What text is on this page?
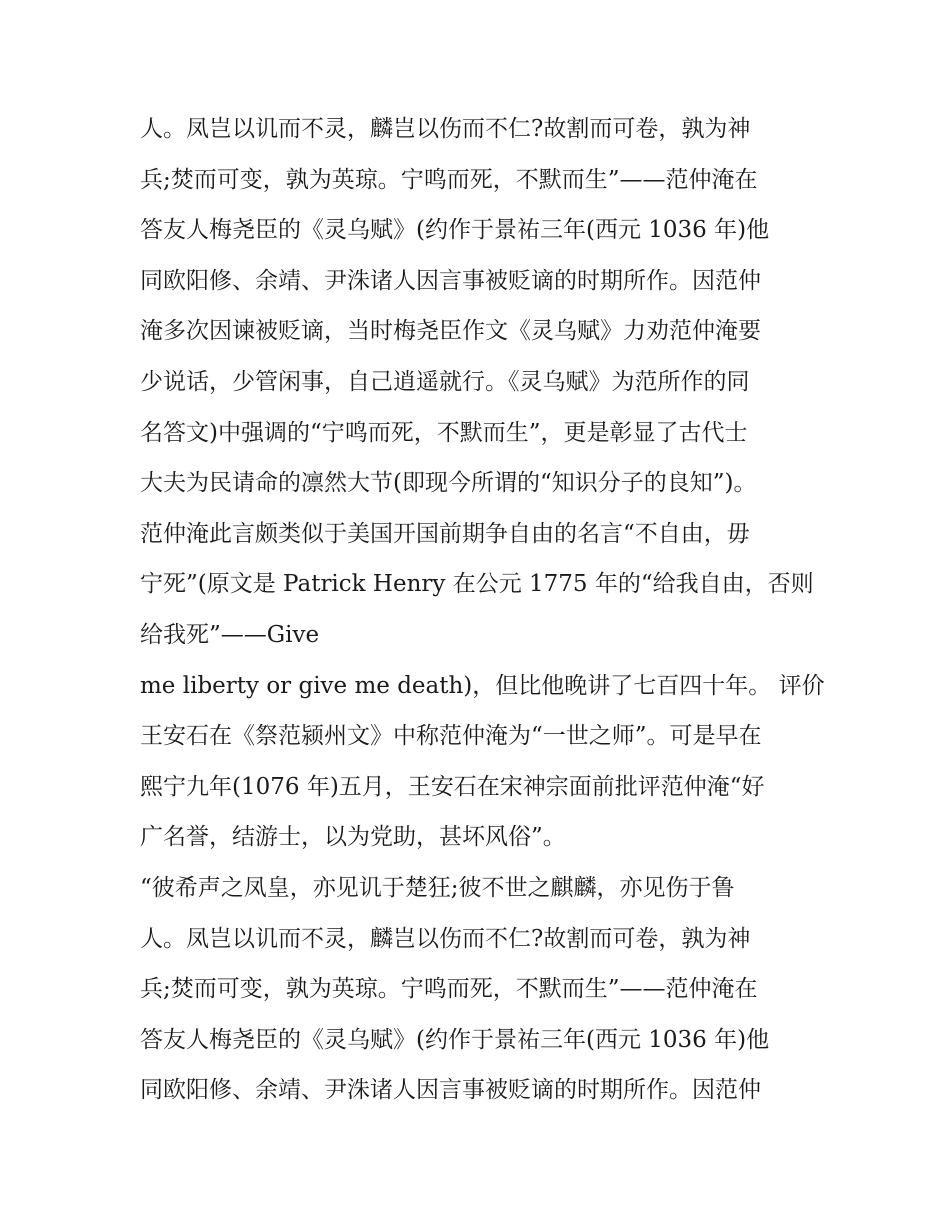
人。凤岂以讥而不灵，麟岂以伤而不仁?故割而可卷，孰为神
兵;焚而可变，孰为英琼。宁鸣而死，不默而生”——范仲淹在
答友人梅尧臣的《灵乌赋》(约作于景祐三年(西元 1036 年)他
同欧阳修、余靖、尹洙诸人因言事被贬谪的时期所作。因范仲
淹多次因谏被贬谪，当时梅尧臣作文《灵乌赋》力劝范仲淹要
少说话，少管闲事，自己逍遥就行。《灵乌赋》为范所作的同
名答文)中强调的“宁鸣而死，不默而生”，更是彰显了古代士
大夫为民请命的凛然大节(即现今所谓的“知识分子的良知”)。
范仲淹此言颇类似于美国开国前期争自由的名言“不自由，毋
宁死”(原文是 Patrick Henry 在公元 1775 年的“给我自由，否则
给我死”——Give
me liberty or give me death)，但比他晚讲了七百四十年。 评价
王安石在《祭范颍州文》中称范仲淹为“一世之师”。可是早在
熙宁九年(1076 年)五月，王安石在宋神宗面前批评范仲淹“好
广名誉，结游士，以为党助，甚坏风俗”。
“彼希声之凤皇，亦见讥于楚狂;彼不世之麒麟，亦见伤于鲁
人。凤岂以讥而不灵，麟岂以伤而不仁?故割而可卷，孰为神
兵;焚而可变，孰为英琼。宁鸣而死，不默而生”——范仲淹在
答友人梅尧臣的《灵乌赋》(约作于景祐三年(西元 1036 年)他
同欧阳修、余靖、尹洙诸人因言事被贬谪的时期所作。因范仲
